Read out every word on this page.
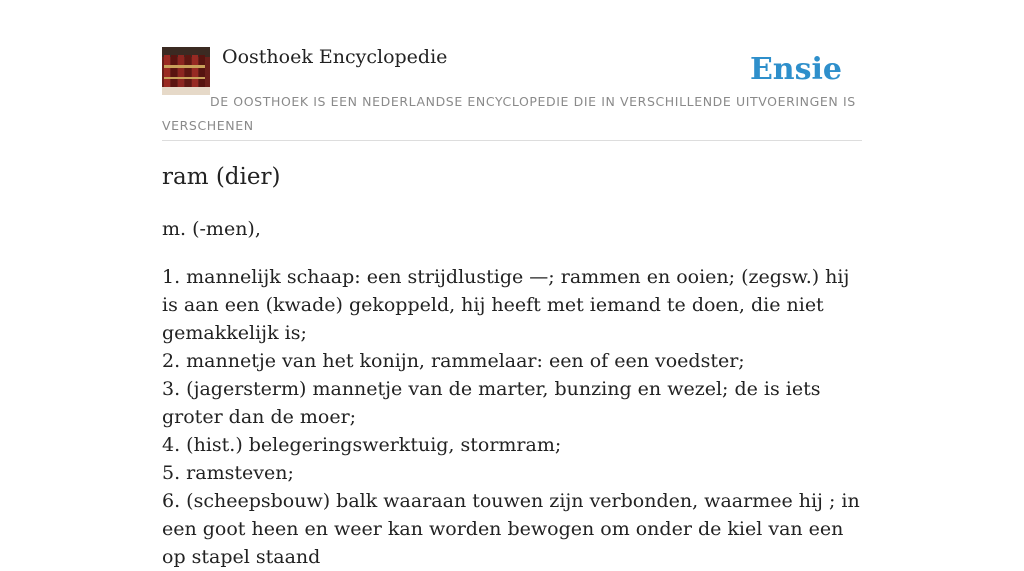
Oosthoek Encyclopedie	Ensie
DE OOSTHOEK IS EEN NEDERLANDSE ENCYCLOPEDIE DIE IN VERSCHILLENDE UITVOERINGEN IS VERSCHENEN
ram (dier)
m. (-men),
1. mannelijk schaap: een strijdlustige —; rammen en ooien; (zegsw.) hij is aan een (kwade) gekoppeld, hij heeft met iemand te doen, die niet gemakkelijk is;
2. mannetje van het konijn, rammelaar: een of een voedster;
3. (jagersterm) mannetje van de marter, bunzing en wezel; de is iets groter dan de moer;
4. (hist.) belegeringswerktuig, stormram;
5. ramsteven;
6. (scheepsbouw) balk waaraan touwen zijn verbonden, waarmee hij ; in een goot heen en weer kan worden bewogen om onder de kiel van een op stapel staand
